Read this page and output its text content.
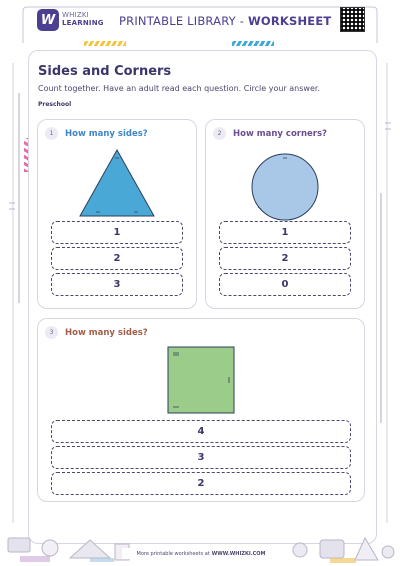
W WHIZKI
LEARNING PRINTABLE LIBRARY - WORKSHEET
Sides and Corners
Count together. Have an adult read each question. Circle your answer.
Preschool
1	How many sides?
1
2
3
2	How many corners?
1
2
0
3	How many sides?
4
3
2
More printable worksheets at WWW.WHIZKI.COM
